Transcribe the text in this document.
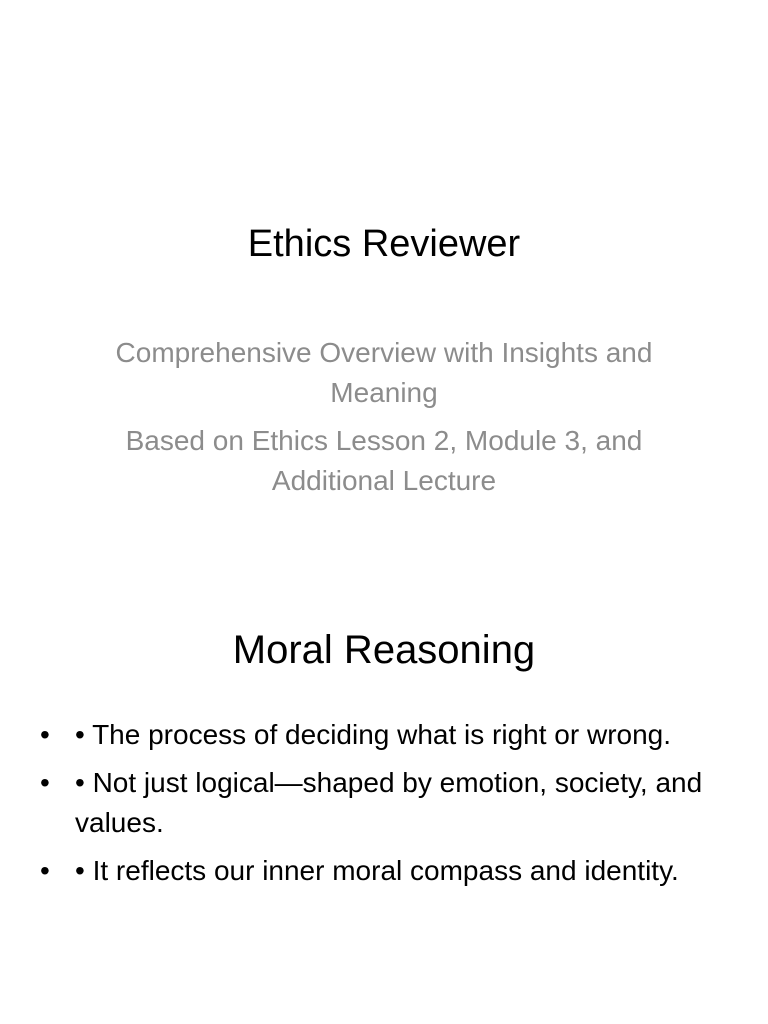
Ethics Reviewer

Comprehensive Overview with Insights and Meaning

Based on Ethics Lesson 2, Module 3, and Additional Lecture

Moral Reasoning
• • The process of deciding what is right or wrong.
• • Not just logical—shaped by emotion, society, and values.
• • It reflects our inner moral compass and identity.
